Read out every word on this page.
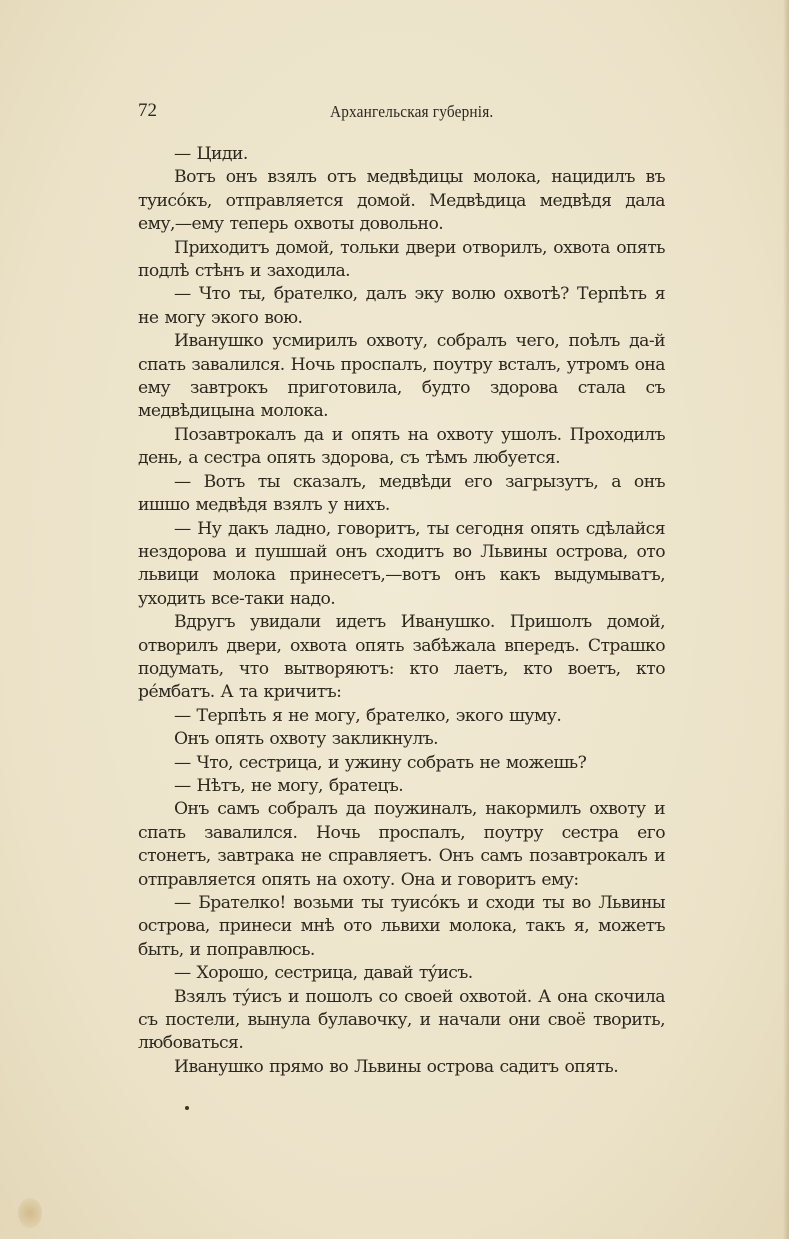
72	Архангельская губернія.

— Циди.

Вотъ онъ взялъ отъ медвѣдицы молока, нацидилъ въ туисо́къ, отправляется домой. Медвѣдица медвѣдя дала ему,—ему теперь охвоты довольно.

Приходитъ домой, тольки двери отворилъ, охвота опять подлѣ стѣнъ и заходила.

— Что ты, брателко, далъ эку волю охвотѣ? Терпѣть я не могу экого вою.

Иванушко усмирилъ охвоту, собралъ чего, поѣлъ да-й спать завалился. Ночь проспалъ, поутру всталъ, утромъ она ему завтрокъ приготовила, будто здорова стала съ медвѣдицына молока.

Позавтрокалъ да и опять на охвоту ушолъ. Проходилъ день, а сестра опять здорова, съ тѣмъ любуется.

— Вотъ ты сказалъ, медвѣди его загрызутъ, а онъ ишшо медвѣдя взялъ у нихъ.

— Ну дакъ ладно, говоритъ, ты сегодня опять сдѣлайся нездорова и пушшай онъ сходитъ во Львины острова, ото львици молока принесетъ,—вотъ онъ какъ выдумыватъ, уходить все-таки надо.

Вдругъ увидали идетъ Иванушко. Пришолъ домой, отворилъ двери, охвота опять забѣжала впередъ. Страшко подумать, что вытворяютъ: кто лаетъ, кто воетъ, кто ре́мбатъ. А та кричитъ:

— Терпѣть я не могу, брателко, экого шуму.

Онъ опять охвоту закликнулъ.

— Что, сестрица, и ужину собрать не можешь?

— Нѣтъ, не могу, братецъ.

Онъ самъ собралъ да поужиналъ, накормилъ охвоту и спать завалился. Ночь проспалъ, поутру сестра его стонетъ, завтрака не справляетъ. Онъ самъ позавтрокалъ и отправляется опять на охоту. Она и говоритъ ему:

— Брателко! возьми ты туисо́къ и сходи ты во Львины острова, принеси мнѣ ото львихи молока, такъ я, можетъ быть, и поправлюсь.

— Хорошо, сестрица, давай ту́исъ.

Взялъ ту́исъ и пошолъ со своей охвотой. А она скочила съ постели, вынула булавочку, и начали они своё творить, любоваться.

Иванушко прямо во Львины острова садитъ опять.
